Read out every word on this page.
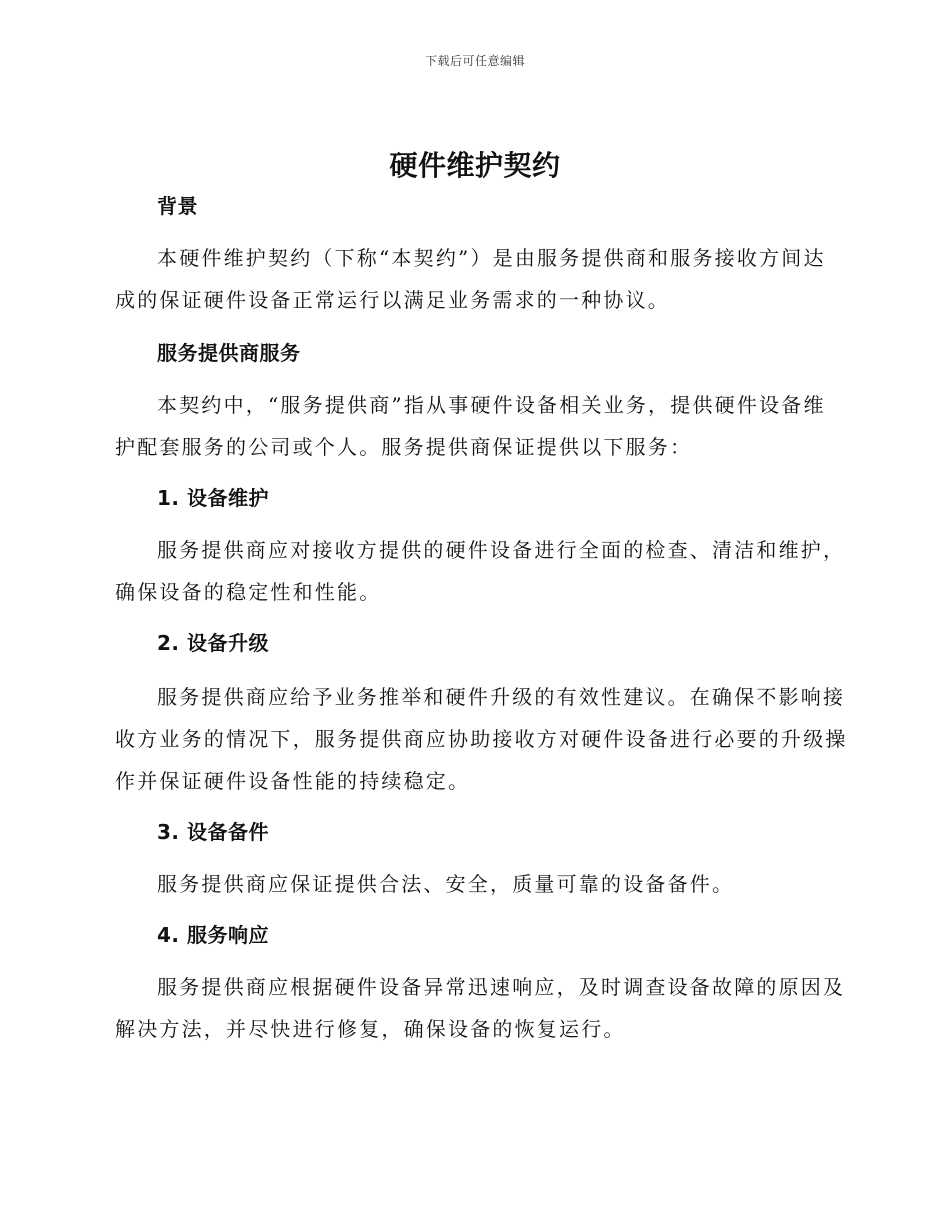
下载后可任意编辑
硬件维护契约
背景
本硬件维护契约（下称“本契约”）是由服务提供商和服务接收方间达
成的保证硬件设备正常运行以满足业务需求的一种协议。
服务提供商服务
本契约中，“服务提供商”指从事硬件设备相关业务，提供硬件设备维
护配套服务的公司或个人。服务提供商保证提供以下服务：
1. 设备维护
服务提供商应对接收方提供的硬件设备进行全面的检查、清洁和维护，
确保设备的稳定性和性能。
2. 设备升级
服务提供商应给予业务推举和硬件升级的有效性建议。在确保不影响接
收方业务的情况下，服务提供商应协助接收方对硬件设备进行必要的升级操
作并保证硬件设备性能的持续稳定。
3. 设备备件
服务提供商应保证提供合法、安全，质量可靠的设备备件。
4. 服务响应
服务提供商应根据硬件设备异常迅速响应，及时调查设备故障的原因及
解决方法，并尽快进行修复，确保设备的恢复运行。
